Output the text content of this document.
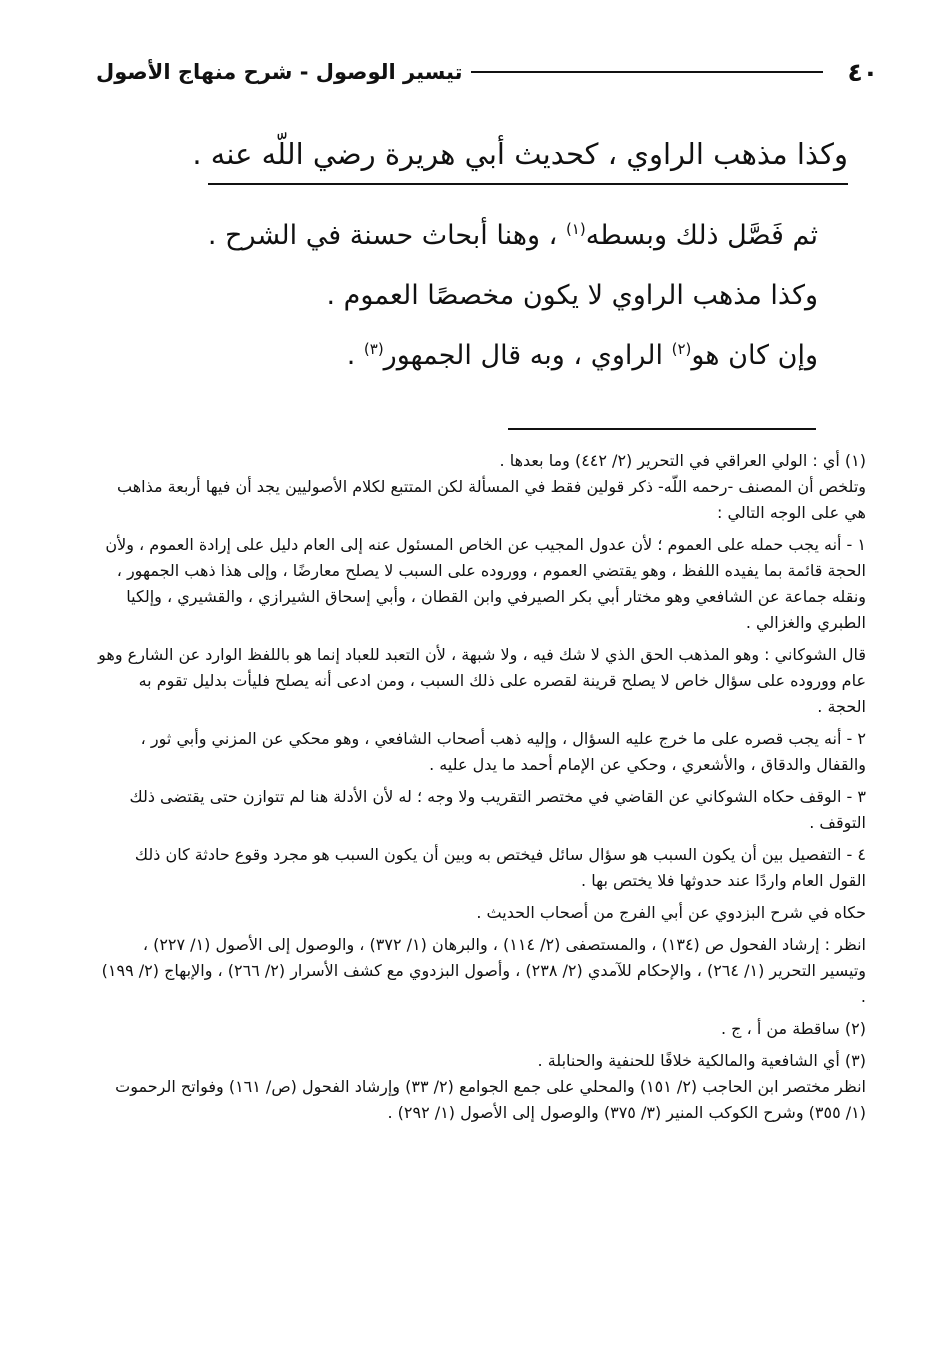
٤٠
تيسير الوصول - شرح منهاج الأصول
وكذا مذهب الراوي ، كحديث أبي هريرة رضي اللّه عنه .

ثم فَصَّل ذلك وبسطه$^{(١)}$ ، وهنا أبحاث حسنة في الشرح .

وكذا مذهب الراوي لا يكون مخصصًا العموم .

وإن كان هو$^{(٢)}$ الراوي ، وبه قال الجمهور$^{(٣)}$ .

(١) أي : الولي العراقي في التحرير (٢/ ٤٤٢) وما بعدها .

وتلخص أن المصنف -رحمه اللّه- ذكر قولين فقط في المسألة لكن المتتبع لكلام الأصوليين يجد أن فيها أربعة مذاهب هي على الوجه التالي :

١ - أنه يجب حمله على العموم ؛ لأن عدول المجيب عن الخاص المسئول عنه إلى العام دليل على إرادة العموم ، ولأن الحجة قائمة بما يفيده اللفظ ، وهو يقتضي العموم ، ووروده على السبب لا يصلح معارضًا ، وإلى هذا ذهب الجمهور ، ونقله جماعة عن الشافعي وهو مختار أبي بكر الصيرفي وابن القطان ، وأبي إسحاق الشيرازي ، والقشيري ، وإلكيا الطبري والغزالي .

قال الشوكاني : وهو المذهب الحق الذي لا شك فيه ، ولا شبهة ، لأن التعبد للعباد إنما هو باللفظ الوارد عن الشارع وهو عام ووروده على سؤال خاص لا يصلح قرينة لقصره على ذلك السبب ، ومن ادعى أنه يصلح فليأت بدليل تقوم به الحجة .

٢ - أنه يجب قصره على ما خرج عليه السؤال ، وإليه ذهب أصحاب الشافعي ، وهو محكي عن المزني وأبي ثور ، والقفال والدقاق ، والأشعري ، وحكي عن الإمام أحمد ما يدل عليه .

٣ - الوقف حكاه الشوكاني عن القاضي في مختصر التقريب ولا وجه ؛ له لأن الأدلة هنا لم تتوازن حتى يقتضى ذلك التوقف .

٤ - التفصيل بين أن يكون السبب هو سؤال سائل فيختص به وبين أن يكون السبب هو مجرد وقوع حادثة كان ذلك القول العام واردًا عند حدوثها فلا يختص بها .

حكاه في شرح البزدوي عن أبي الفرج من أصحاب الحديث .

انظر : إرشاد الفحول ص (١٣٤) ، والمستصفى (٢/ ١١٤) ، والبرهان (١/ ٣٧٢) ، والوصول إلى الأصول (١/ ٢٢٧) ، وتيسير التحرير (١/ ٢٦٤) ، والإحكام للآمدي (٢/ ٢٣٨) ، وأصول البزدوي مع كشف الأسرار (٢/ ٢٦٦) ، والإبهاج (٢/ ١٩٩) .

(٢) ساقطة من أ ، ج .

(٣) أي الشافعية والمالكية خلافًا للحنفية والحنابلة .

انظر مختصر ابن الحاجب (٢/ ١٥١) والمحلي على جمع الجوامع (٢/ ٣٣) وإرشاد الفحول (ص/ ١٦١) وفواتح الرحموت (١/ ٣٥٥) وشرح الكوكب المنير (٣/ ٣٧٥) والوصول إلى الأصول (١/ ٢٩٢) .
